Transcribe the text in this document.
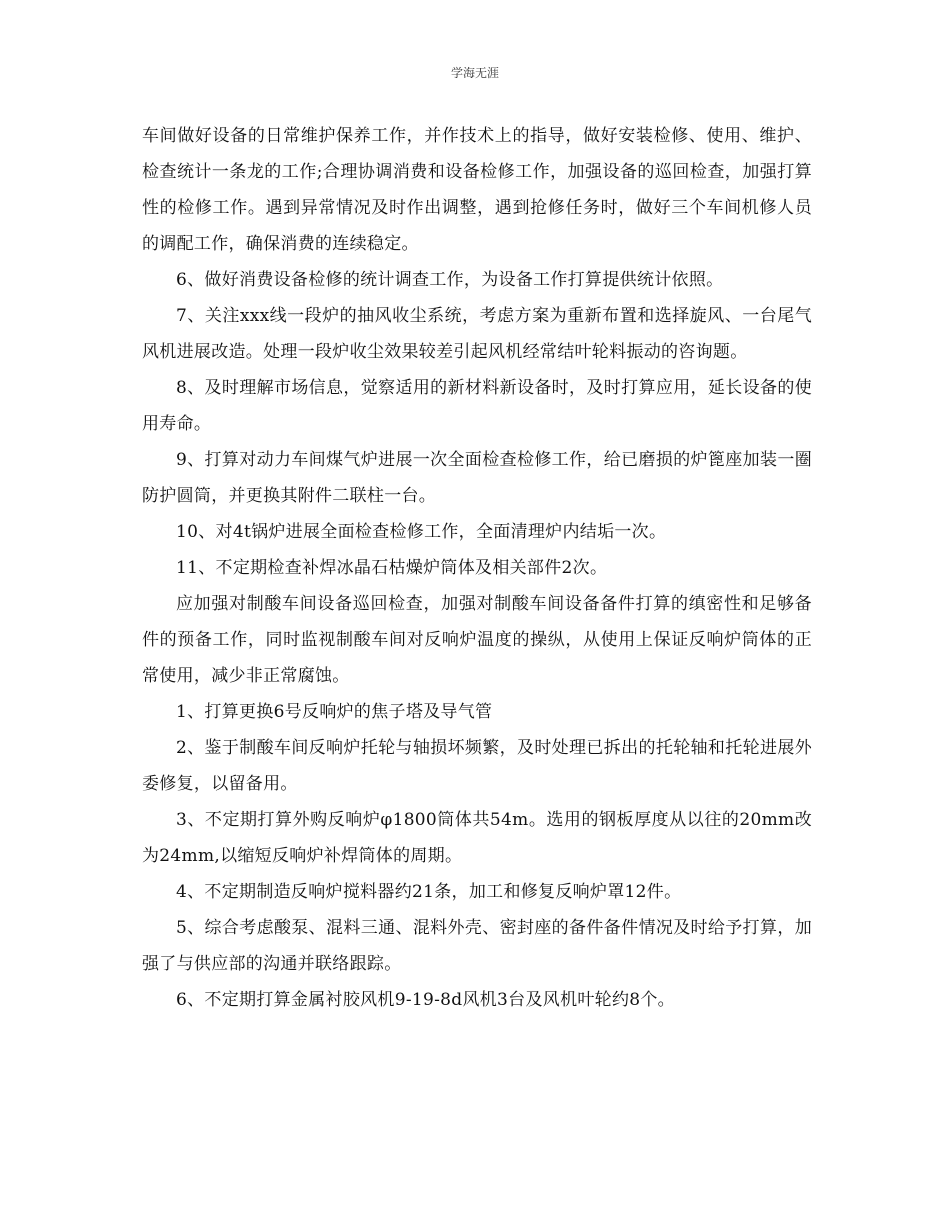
学海无涯

车间做好设备的日常维护保养工作，并作技术上的指导，做好安装检修、使用、维护、检查统计一条龙的工作;合理协调消费和设备检修工作，加强设备的巡回检查，加强打算性的检修工作。遇到异常情况及时作出调整，遇到抢修任务时，做好三个车间机修人员的调配工作，确保消费的连续稳定。

6、做好消费设备检修的统计调查工作，为设备工作打算提供统计依照。

7、关注xxx线一段炉的抽风收尘系统，考虑方案为重新布置和选择旋风、一台尾气风机进展改造。处理一段炉收尘效果较差引起风机经常结叶轮料振动的咨询题。

8、及时理解市场信息，觉察适用的新材料新设备时，及时打算应用，延长设备的使用寿命。

9、打算对动力车间煤气炉进展一次全面检查检修工作，给已磨损的炉篦座加装一圈防护圆筒，并更换其附件二联柱一台。

10、对4t锅炉进展全面检查检修工作，全面清理炉内结垢一次。

11、不定期检查补焊冰晶石枯燥炉筒体及相关部件2次。

应加强对制酸车间设备巡回检查，加强对制酸车间设备备件打算的缜密性和足够备件的预备工作，同时监视制酸车间对反响炉温度的操纵，从使用上保证反响炉筒体的正常使用，减少非正常腐蚀。

1、打算更换6号反响炉的焦子塔及导气管

2、鉴于制酸车间反响炉托轮与轴损坏频繁，及时处理已拆出的托轮轴和托轮进展外委修复，以留备用。

3、不定期打算外购反响炉φ1800筒体共54m。选用的钢板厚度从以往的20mm改为24mm,以缩短反响炉补焊筒体的周期。

4、不定期制造反响炉搅料器约21条，加工和修复反响炉罩12件。

5、综合考虑酸泵、混料三通、混料外壳、密封座的备件备件情况及时给予打算，加强了与供应部的沟通并联络跟踪。

6、不定期打算金属衬胶风机9-19-8d风机3台及风机叶轮约8个。
